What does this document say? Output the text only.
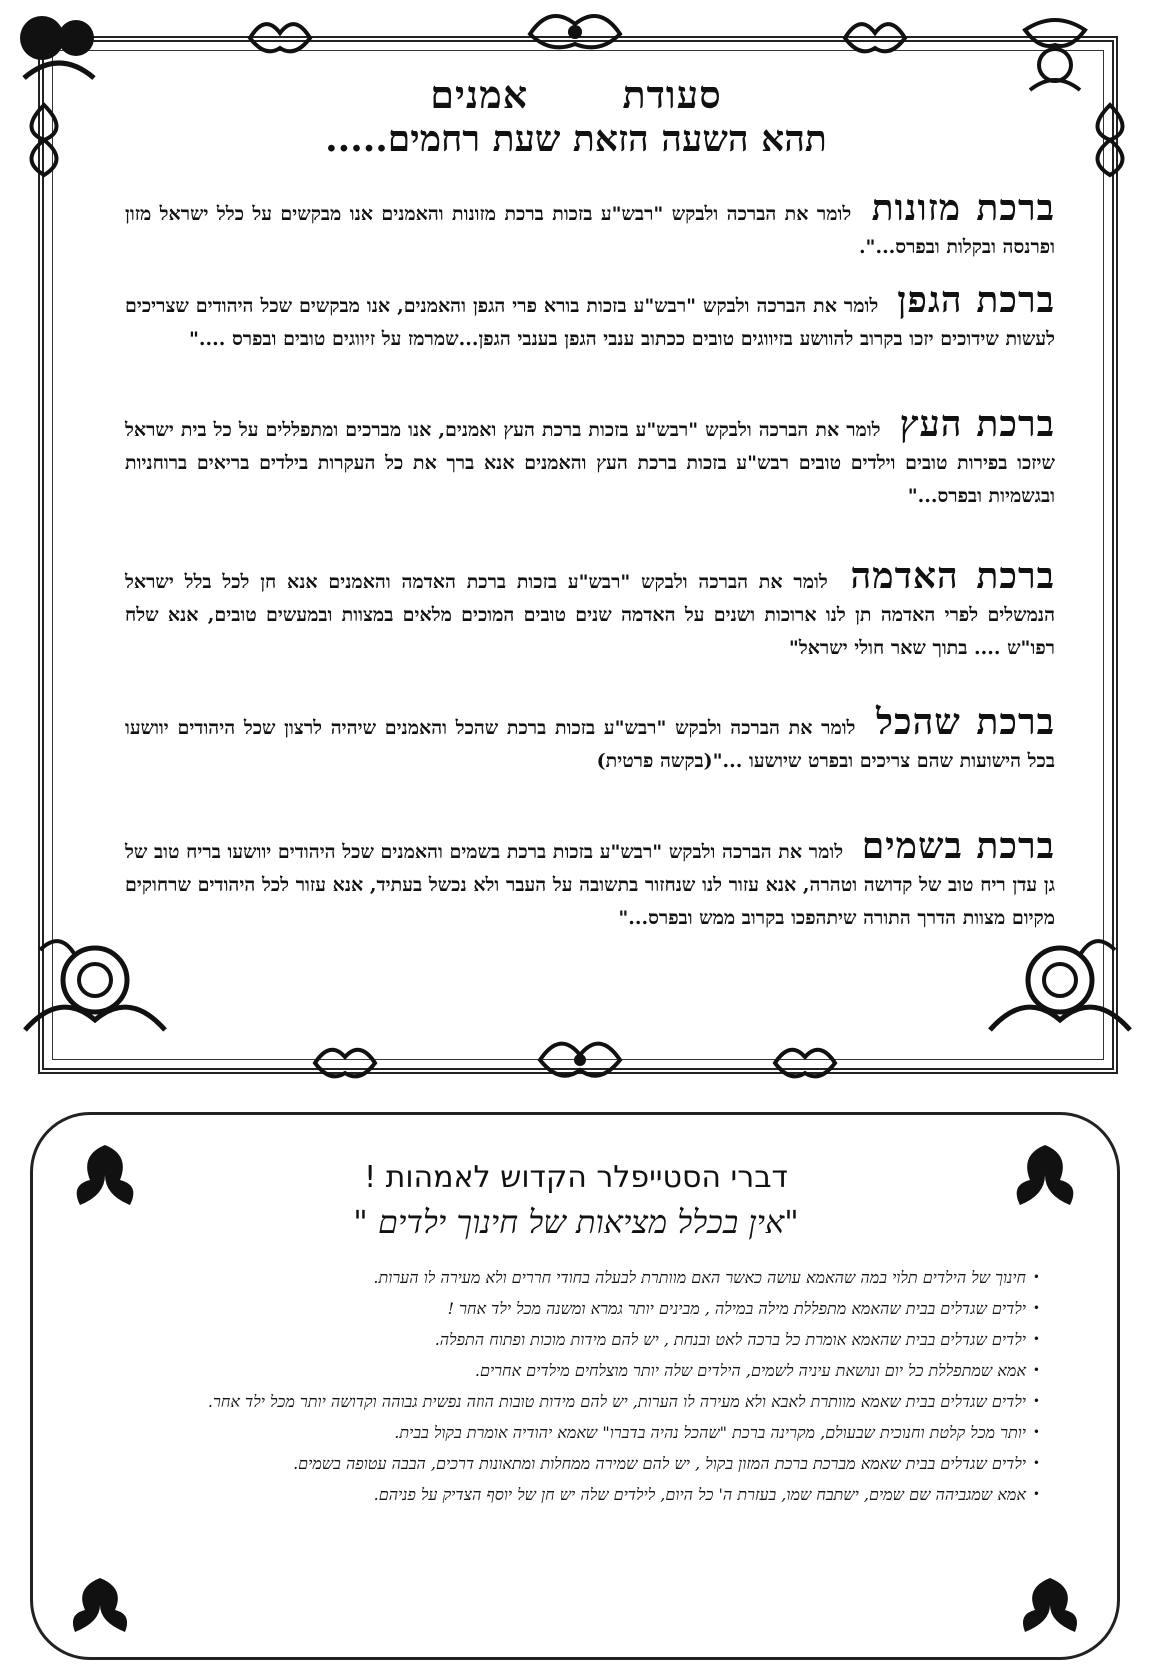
סעודת אמנים
תהא השעה הזאת שעת רחמים.....
ברכת מזונות לומר את הברכה ולבקש "רבש"ע בזכות ברכת מזונות והאמנים אנו מבקשים על כלל ישראל מזון ופרנסה ובקלות ובפרס...".
ברכת הגפן לומר את הברכה ולבקש "רבש"ע בזכות בורא פרי הגפן והאמנים, אנו מבקשים שכל היהודים שצריכים לעשות שידוכים יזכו בקרוב להוושע בזיווגים טובים ככתוב ענבי הגפן בענבי הגפן...שמרמז על זיווגים טובים ובפרס ...."
ברכת העץ לומר את הברכה ולבקש "רבש"ע בזכות ברכת העץ ואמנים, אנו מברכים ומתפללים על כל בית ישראל שיזכו בפירות טובים וילדים טובים רבש"ע בזכות ברכת העץ והאמנים אנא ברך את כל העקרות בילדים בריאים ברוחניות ובגשמיות ובפרס..."
ברכת האדמה לומר את הברכה ולבקש "רבש"ע בזכות ברכת האדמה והאמנים אנא חן לכל בלל ישראל הנמשלים לפרי האדמה תן לנו ארוכות ושנים על האדמה שנים טובים המוכים מלאים במצוות ובמעשים טובים, אנא שלח רפו"ש .... בתוך שאר חולי ישראל"
ברכת שהכל לומר את הברכה ולבקש "רבש"ע בזכות ברכת שהכל והאמנים שיהיה לרצון שכל היהודים יוושעו בכל הישועות שהם צריכים ובפרט שיושעו ..."(בקשה פרטית)
ברכת בשמים לומר את הברכה ולבקש "רבש"ע בזכות ברכת בשמים והאמנים שכל היהודים יוושעו בריח טוב של גן עדן ריח טוב של קדושה וטהרה, אנא עזור לנו שנחזור בתשובה על העבר ולא נכשל בעתיד, אנא עזור לכל היהודים שרחוקים מקיום מצוות הדרך התורה שיתהפכו בקרוב ממש ובפרס..."
דברי הסטייפלר הקדוש לאמהות !
"אין בכלל מציאות של חינוך ילדים "
• חינוך של הילדים תלוי במה שהאמא עושה כאשר האם מוותרת לבעלה בחודי חררים ולא מעירה לו הערות.
• ילדים שגדלים בבית שהאמא מתפללת מילה במילה , מבינים יותר גמרא ומשנה מכל ילד אחר !
• ילדים שגדלים בבית שהאמא אומרת כל ברכה לאט ובנחת , יש להם מידות מוכות ופתוח התפלה.
• אמא שמתפללת כל יום ונושאת עיניה לשמים, הילדים שלה יותר מוצלחים מילדים אחרים.
• ילדים שגדלים בבית שאמא מוותרת לאבא ולא מעירה לו הערות, יש להם מידות טובות הוזה נפשית גבוהה וקדושה יותר מכל ילד אחר.
• יותר מכל קלטת וחנוכית שבעולם, מקרינה ברכת "שהכל נהיה בדברו" שאמא יהודיה אומרת בקול בבית.
• ילדים שגדלים בבית שאמא מברכת ברכת המזון בקול , יש להם שמירה ממחלות ומתאונות דרכים, הבבה עטופה בשמים.
• אמא שמגביהה שם שמים, ישתבח שמו, בעזרת ה' כל היום, לילדים שלה יש חן של יוסף הצדיק על פניהם.
